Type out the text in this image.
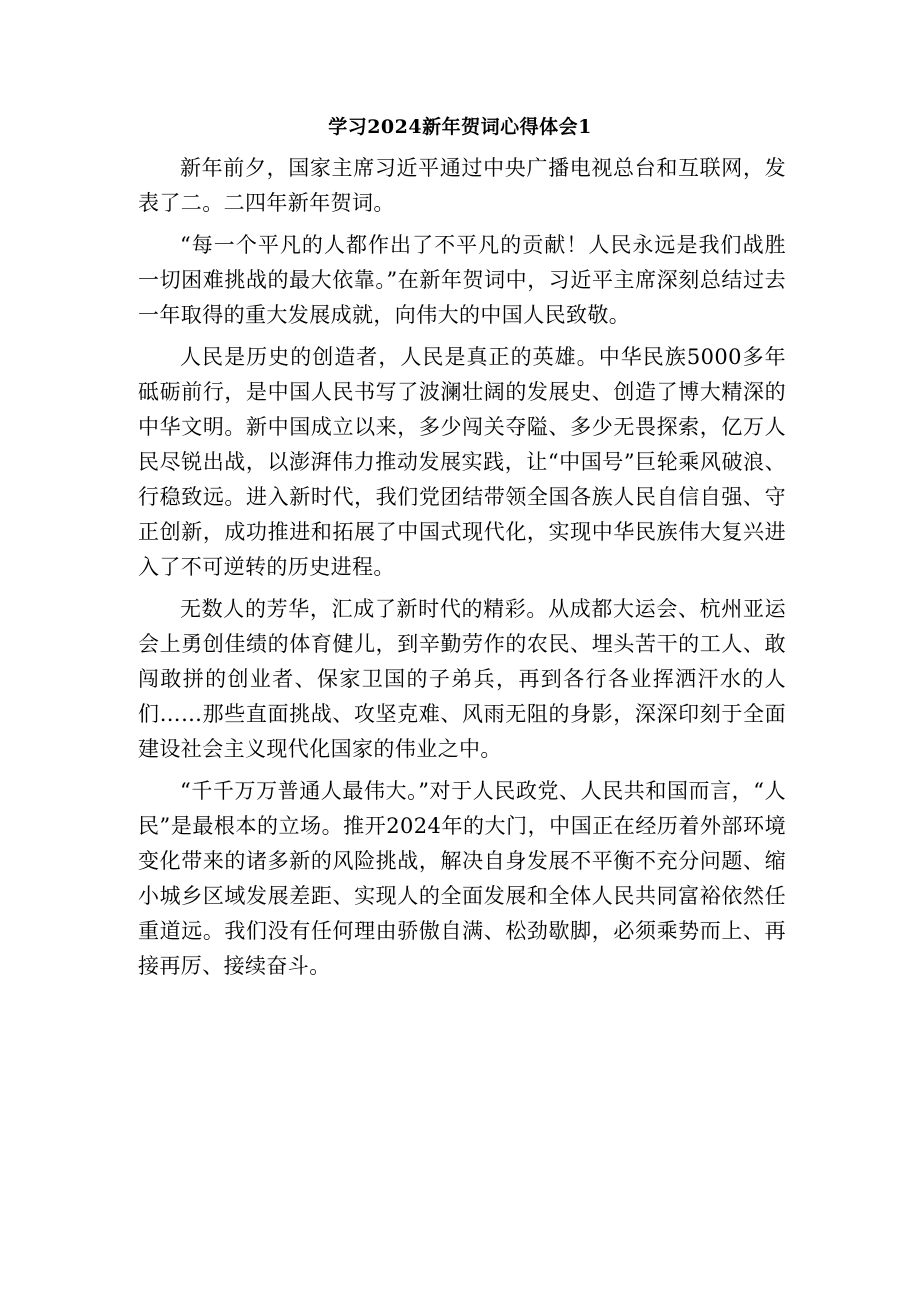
学习2024新年贺词心得体会1

新年前夕，国家主席习近平通过中央广播电视总台和互联网，发表了二。二四年新年贺词。

“每一个平凡的人都作出了不平凡的贡献！人民永远是我们战胜一切困难挑战的最大依靠。”在新年贺词中，习近平主席深刻总结过去一年取得的重大发展成就，向伟大的中国人民致敬。

人民是历史的创造者，人民是真正的英雄。中华民族5000多年砥砺前行，是中国人民书写了波澜壮阔的发展史、创造了博大精深的中华文明。新中国成立以来，多少闯关夺隘、多少无畏探索，亿万人民尽锐出战，以澎湃伟力推动发展实践，让“中国号”巨轮乘风破浪、行稳致远。进入新时代，我们党团结带领全国各族人民自信自强、守正创新，成功推进和拓展了中国式现代化，实现中华民族伟大复兴进入了不可逆转的历史进程。

无数人的芳华，汇成了新时代的精彩。从成都大运会、杭州亚运会上勇创佳绩的体育健儿，到辛勤劳作的农民、埋头苦干的工人、敢闯敢拼的创业者、保家卫国的子弟兵，再到各行各业挥洒汗水的人们……那些直面挑战、攻坚克难、风雨无阻的身影，深深印刻于全面建设社会主义现代化国家的伟业之中。

“千千万万普通人最伟大。”对于人民政党、人民共和国而言，“人民”是最根本的立场。推开2024年的大门，中国正在经历着外部环境变化带来的诸多新的风险挑战，解决自身发展不平衡不充分问题、缩小城乡区域发展差距、实现人的全面发展和全体人民共同富裕依然任重道远。我们没有任何理由骄傲自满、松劲歇脚，必须乘势而上、再接再厉、接续奋斗。
